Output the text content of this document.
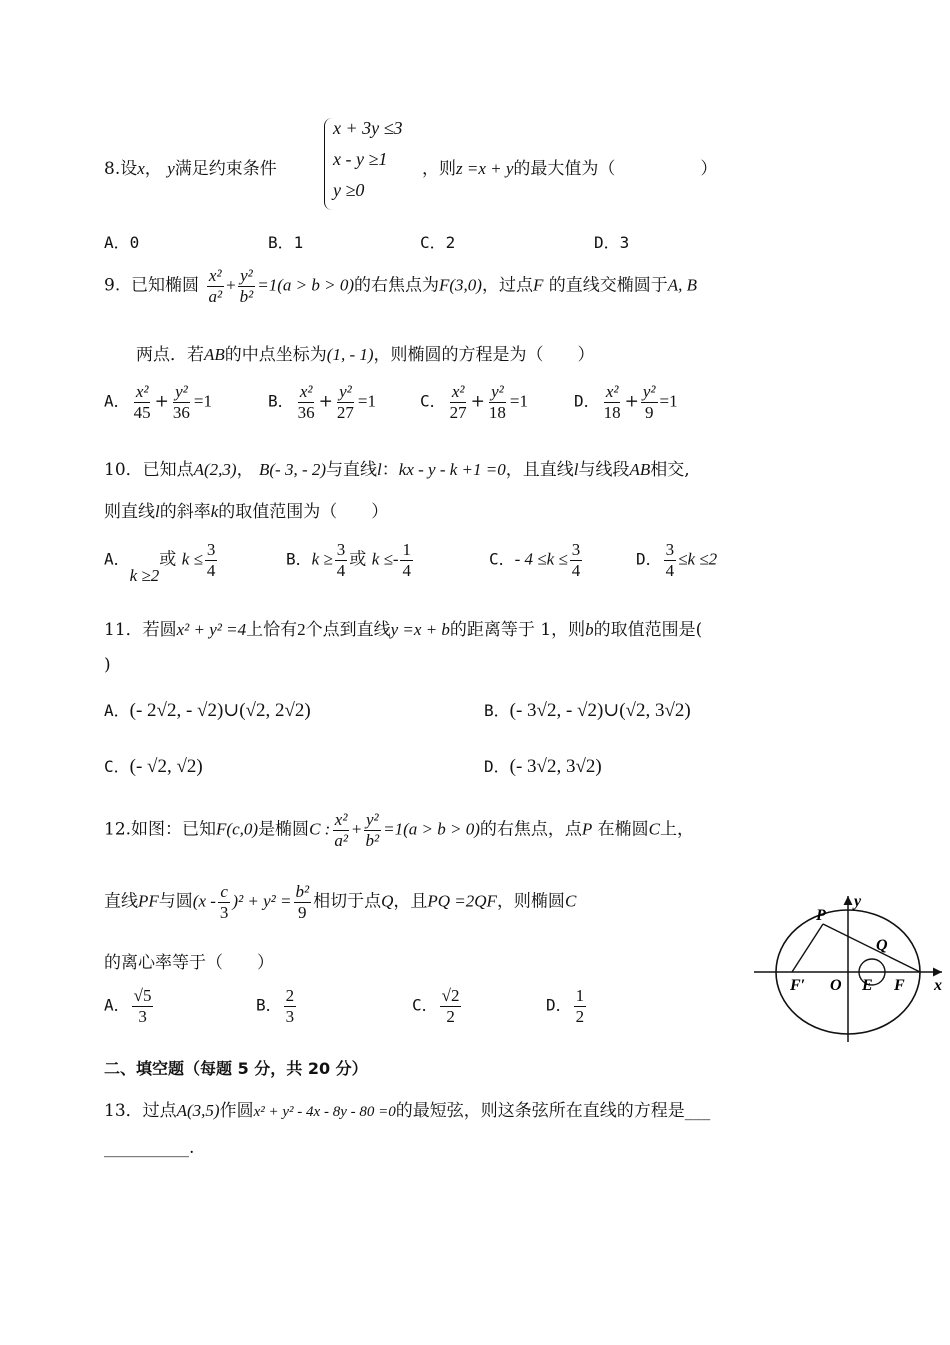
8.设x， y满足约束条件
x + 3y ≤3
x - y ≥1
y ≥0
，则z =x + y的最大值为（　　　　　）
A．0	B．1	C．2	D．3
9. 已知椭圆 $\frac{\text{x²}}{\text{a²}} + \frac{\text{y²}}{\text{b²}} =1(a > b > 0)$的右焦点为F(3,0)，过点F 的直线交椭圆于A, B
两点．若AB的中点坐标为(1, - 1)，则椭圆的方程是为（　　）
A． $\frac{\text{x²}}{45} + \frac{\text{y²}}{36} =1$	B． $\frac{\text{x²}}{36} + \frac{\text{y²}}{27} =1$	C． $\frac{\text{x²}}{27} + \frac{\text{y²}}{18} =1$	D． $\frac{\text{x²}}{18} + \frac{\text{y²}}{9} =1$
10．已知点A(2,3)， B(- 3, - 2)与直线l：kx - y - k +1 =0，且直线l与线段AB相交,
则直线l的斜率k的取值范围为（　　）
A．k ≥2或 $k \le \frac{3}{4}$	B．$k \ge \frac{3}{4}$ 或 $k \le- \frac{1}{4}$	C．- $4 \le k \le \frac{3}{4}$	D． $\frac{3}{4} \le k \le 2$
11．若圆x² + y² =4上恰有2个点到直线y =x + b的距离等于 1，则b的取值范围是(
)
A．(- 2√2, - √2)∪(√2, 2√2)	B．(- 3√2, - √2)∪(√2, 3√2)
C．(- √2, √2)	D．(- 3√2, 3√2)
12.如图：已知F(c,0)是椭圆C : $\frac{\text{x²}}{\text{a²}} + \frac{\text{y²}}{\text{b²}} =1(a > b > 0)$的右焦点，点P 在椭圆C上，
直线PF与圆$(x - \frac{c}{3} )^2 + y^2 = \frac{\text{b²}}{9}$ 相切于点Q，且PQ =2QF，则椭圆C
的离心率等于（　　）
A． $\frac{√5}{3}$	B． $\frac{2}{3}$	C． $\frac{√2}{2}$	D． $\frac{1}{2}$
P
Q
y
x
O E F
F′
二、填空题（每题 5 分，共 20 分）
13．过点A(3,5)作圆x² + y² - 4x - 8y - 80 =0的最短弦，则这条弦所在直线的方程是___
__________.
